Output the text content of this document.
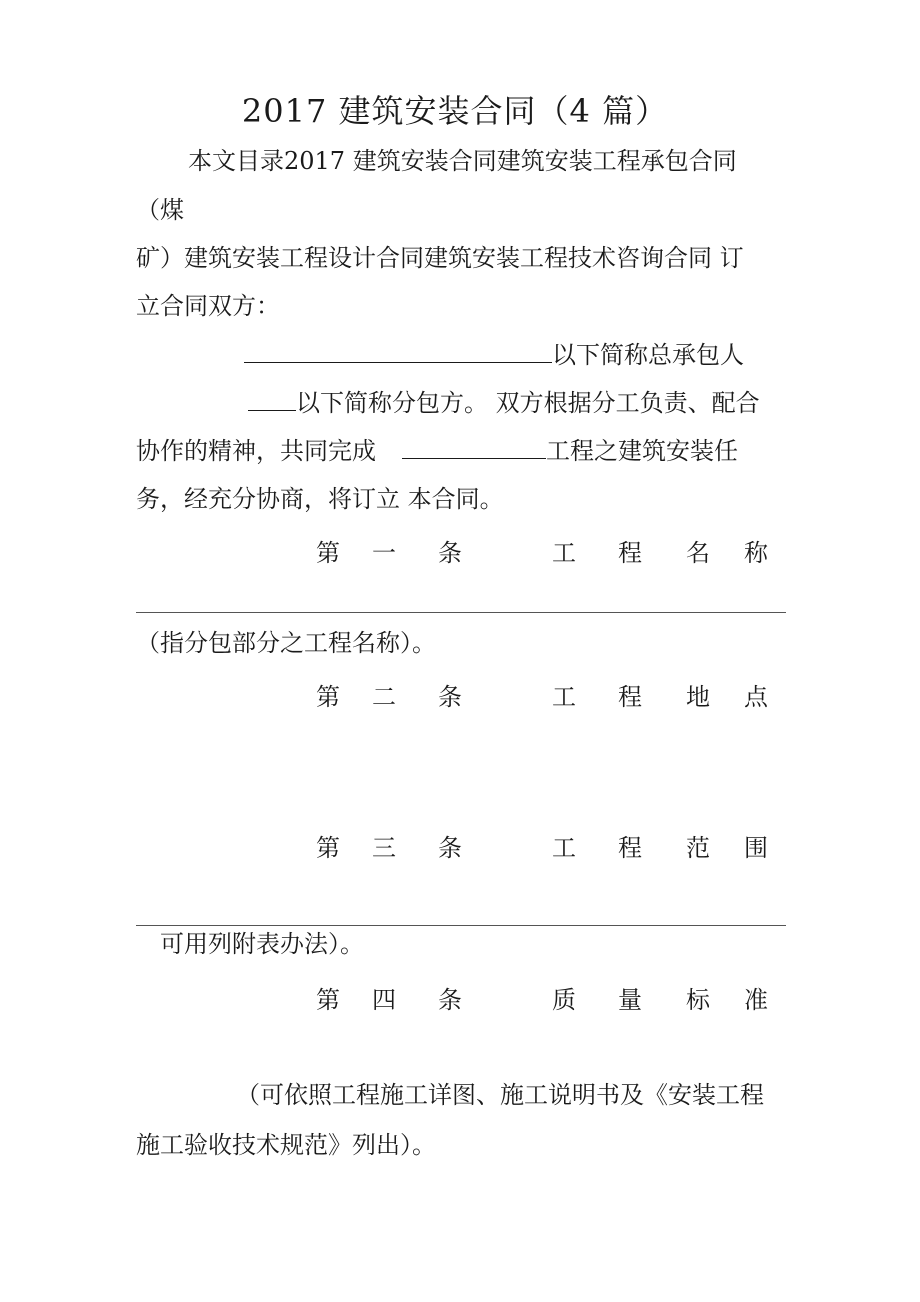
2017 建筑安装合同（4 篇）
本文目录2017 建筑安装合同建筑安装工程承包合同
（煤
矿）建筑安装工程设计合同建筑安装工程技术咨询合同 订
立合同双方：
以下简称总承包人
以下简称分包方。 双方根据分工负责、配合
协作的精神，共同完成	工程之建筑安装任
务，经充分协商，将订立 本合同。
第 一 条	工 程 名 称
（指分包部分之工程名称）。
第 二 条	工 程 地 点
第 三 条	工 程 范 围
可用列附表办法）。
第 四 条	质 量 标 准
（可依照工程施工详图、施工说明书及《安装工程
施工验收技术规范》列出）。
